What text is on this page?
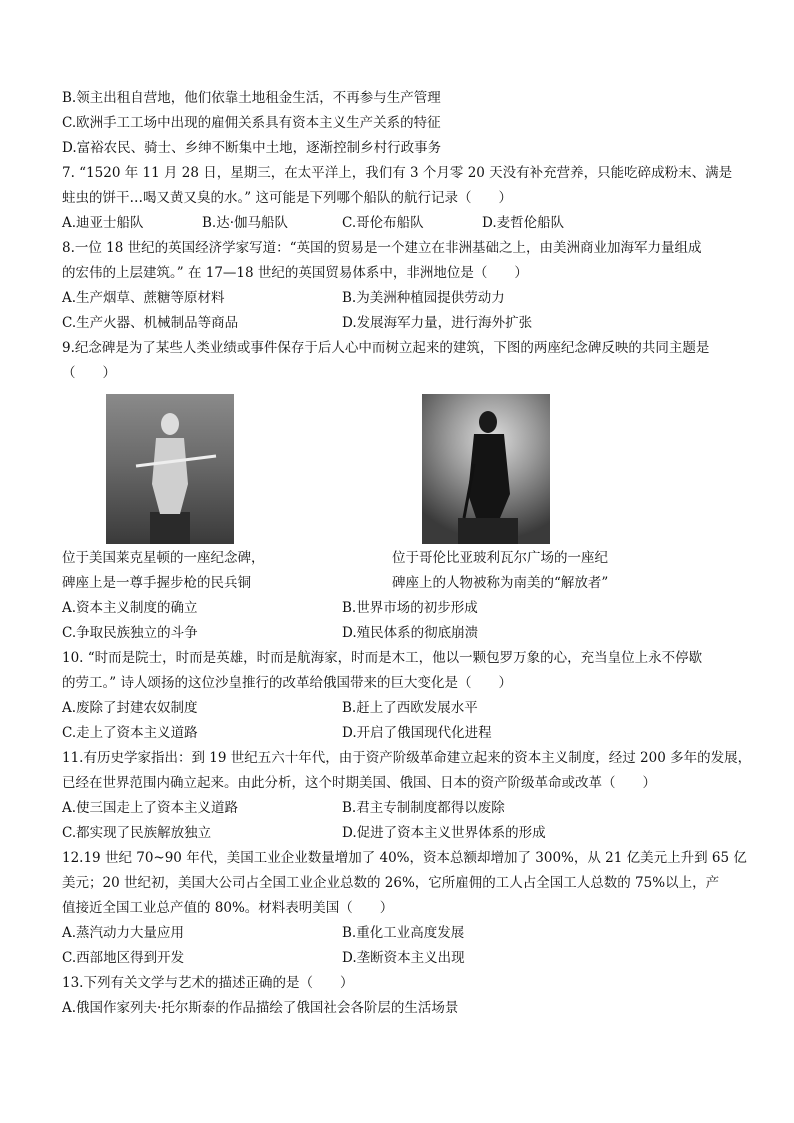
B.领主出租自营地，他们依靠土地租金生活，不再参与生产管理
C.欧洲手工工场中出现的雇佣关系具有资本主义生产关系的特征
D.富裕农民、骑士、乡绅不断集中土地，逐渐控制乡村行政事务
7. “1520 年 11 月 28 日，星期三，在太平洋上，我们有 3 个月零 20 天没有补充营养，只能吃碎成粉末、满是
蛀虫的饼干…喝又黄又臭的水。” 这可能是下列哪个船队的航行记录（　　）
A.迪亚士船队	B.达·伽马船队	C.哥伦布船队	D.麦哲伦船队
8.一位 18 世纪的英国经济学家写道：“英国的贸易是一个建立在非洲基础之上，由美洲商业加海军力量组成
的宏伟的上层建筑。” 在 17—18 世纪的英国贸易体系中，非洲地位是（　　）
A.生产烟草、蔗糖等原材料	B.为美洲种植园提供劳动力
C.生产火器、机械制品等商品	D.发展海军力量，进行海外扩张
9.纪念碑是为了某些人类业绩或事件保存于后人心中而树立起来的建筑，下图的两座纪念碑反映的共同主题是
（　　）
位于美国莱克星顿的一座纪念碑，	位于哥伦比亚玻利瓦尔广场的一座纪
碑座上是一尊手握步枪的民兵铜	碑座上的人物被称为南美的“解放者”
A.资本主义制度的确立	B.世界市场的初步形成
C.争取民族独立的斗争	D.殖民体系的彻底崩溃
10. “时而是院士，时而是英雄，时而是航海家，时而是木工，他以一颗包罗万象的心，充当皇位上永不停歇
的劳工。” 诗人颂扬的这位沙皇推行的改革给俄国带来的巨大变化是（　　）
A.废除了封建农奴制度	B.赶上了西欧发展水平
C.走上了资本主义道路	D.开启了俄国现代化进程
11.有历史学家指出：到 19 世纪五六十年代，由于资产阶级革命建立起来的资本主义制度，经过 200 多年的发展，
已经在世界范围内确立起来。由此分析，这个时期美国、俄国、日本的资产阶级革命或改革（　　）
A.使三国走上了资本主义道路	B.君主专制制度都得以废除
C.都实现了民族解放独立	D.促进了资本主义世界体系的形成
12.19 世纪 70~90 年代，美国工业企业数量增加了 40%，资本总额却增加了 300%，从 21 亿美元上升到 65 亿
美元；20 世纪初，美国大公司占全国工业企业总数的 26%，它所雇佣的工人占全国工人总数的 75%以上，产
值接近全国工业总产值的 80%。材料表明美国（　　）
A.蒸汽动力大量应用	B.重化工业高度发展
C.西部地区得到开发	D.垄断资本主义出现
13.下列有关文学与艺术的描述正确的是（　　）
A.俄国作家列夫·托尔斯泰的作品描绘了俄国社会各阶层的生活场景
